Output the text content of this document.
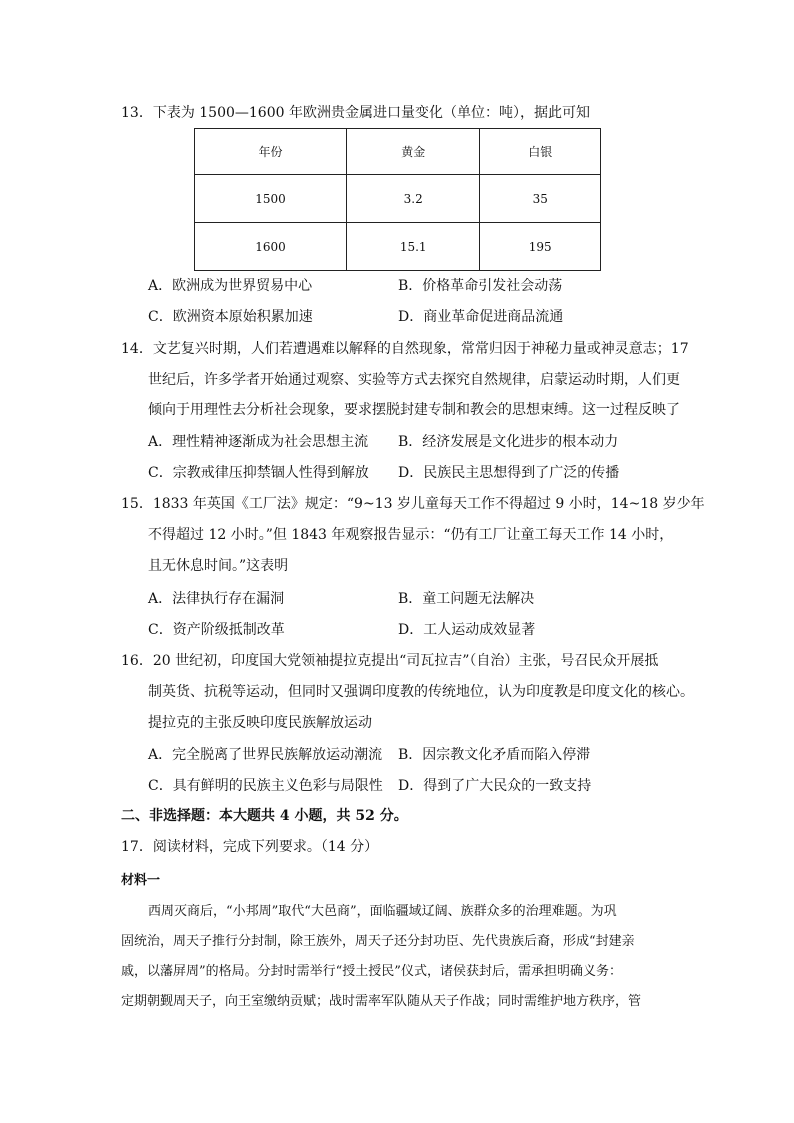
13．下表为 1500—1600 年欧洲贵金属进口量变化（单位：吨），据此可知
年份	黄金	白银
1500	3.2	35
1600	15.1	195
A．欧洲成为世界贸易中心	B．价格革命引发社会动荡
C．欧洲资本原始积累加速	D．商业革命促进商品流通
14．文艺复兴时期，人们若遭遇难以解释的自然现象，常常归因于神秘力量或神灵意志；17
世纪后，许多学者开始通过观察、实验等方式去探究自然规律，启蒙运动时期，人们更
倾向于用理性去分析社会现象，要求摆脱封建专制和教会的思想束缚。这一过程反映了
A．理性精神逐渐成为社会思想主流 B．经济发展是文化进步的根本动力
C．宗教戒律压抑禁锢人性得到解放 D．民族民主思想得到了广泛的传播
15．1833 年英国《工厂法》规定：“9~13 岁儿童每天工作不得超过 9 小时，14~18 岁少年
不得超过 12 小时。”但 1843 年观察报告显示：“仍有工厂让童工每天工作 14 小时，
且无休息时间。”这表明
A．法律执行存在漏洞	B．童工问题无法解决
C．资产阶级抵制改革	D．工人运动成效显著
16．20 世纪初，印度国大党领袖提拉克提出“司瓦拉吉”（自治）主张，号召民众开展抵
制英货、抗税等运动，但同时又强调印度教的传统地位，认为印度教是印度文化的核心。
提拉克的主张反映印度民族解放运动
A．完全脱离了世界民族解放运动潮流 B．因宗教文化矛盾而陷入停滞
C．具有鲜明的民族主义色彩与局限性 D．得到了广大民众的一致支持
二、非选择题：本大题共 4 小题，共 52 分。
17．阅读材料，完成下列要求。（14 分）
材料一
西周灭商后，“小邦周”取代“大邑商”，面临疆域辽阔、族群众多的治理难题。为巩
固统治，周天子推行分封制，除王族外，周天子还分封功臣、先代贵族后裔，形成“封建亲
戚，以藩屏周”的格局。分封时需举行“授土授民”仪式，诸侯获封后，需承担明确义务：
定期朝觐周天子，向王室缴纳贡赋；战时需率军队随从天子作战；同时需维护地方秩序，管
